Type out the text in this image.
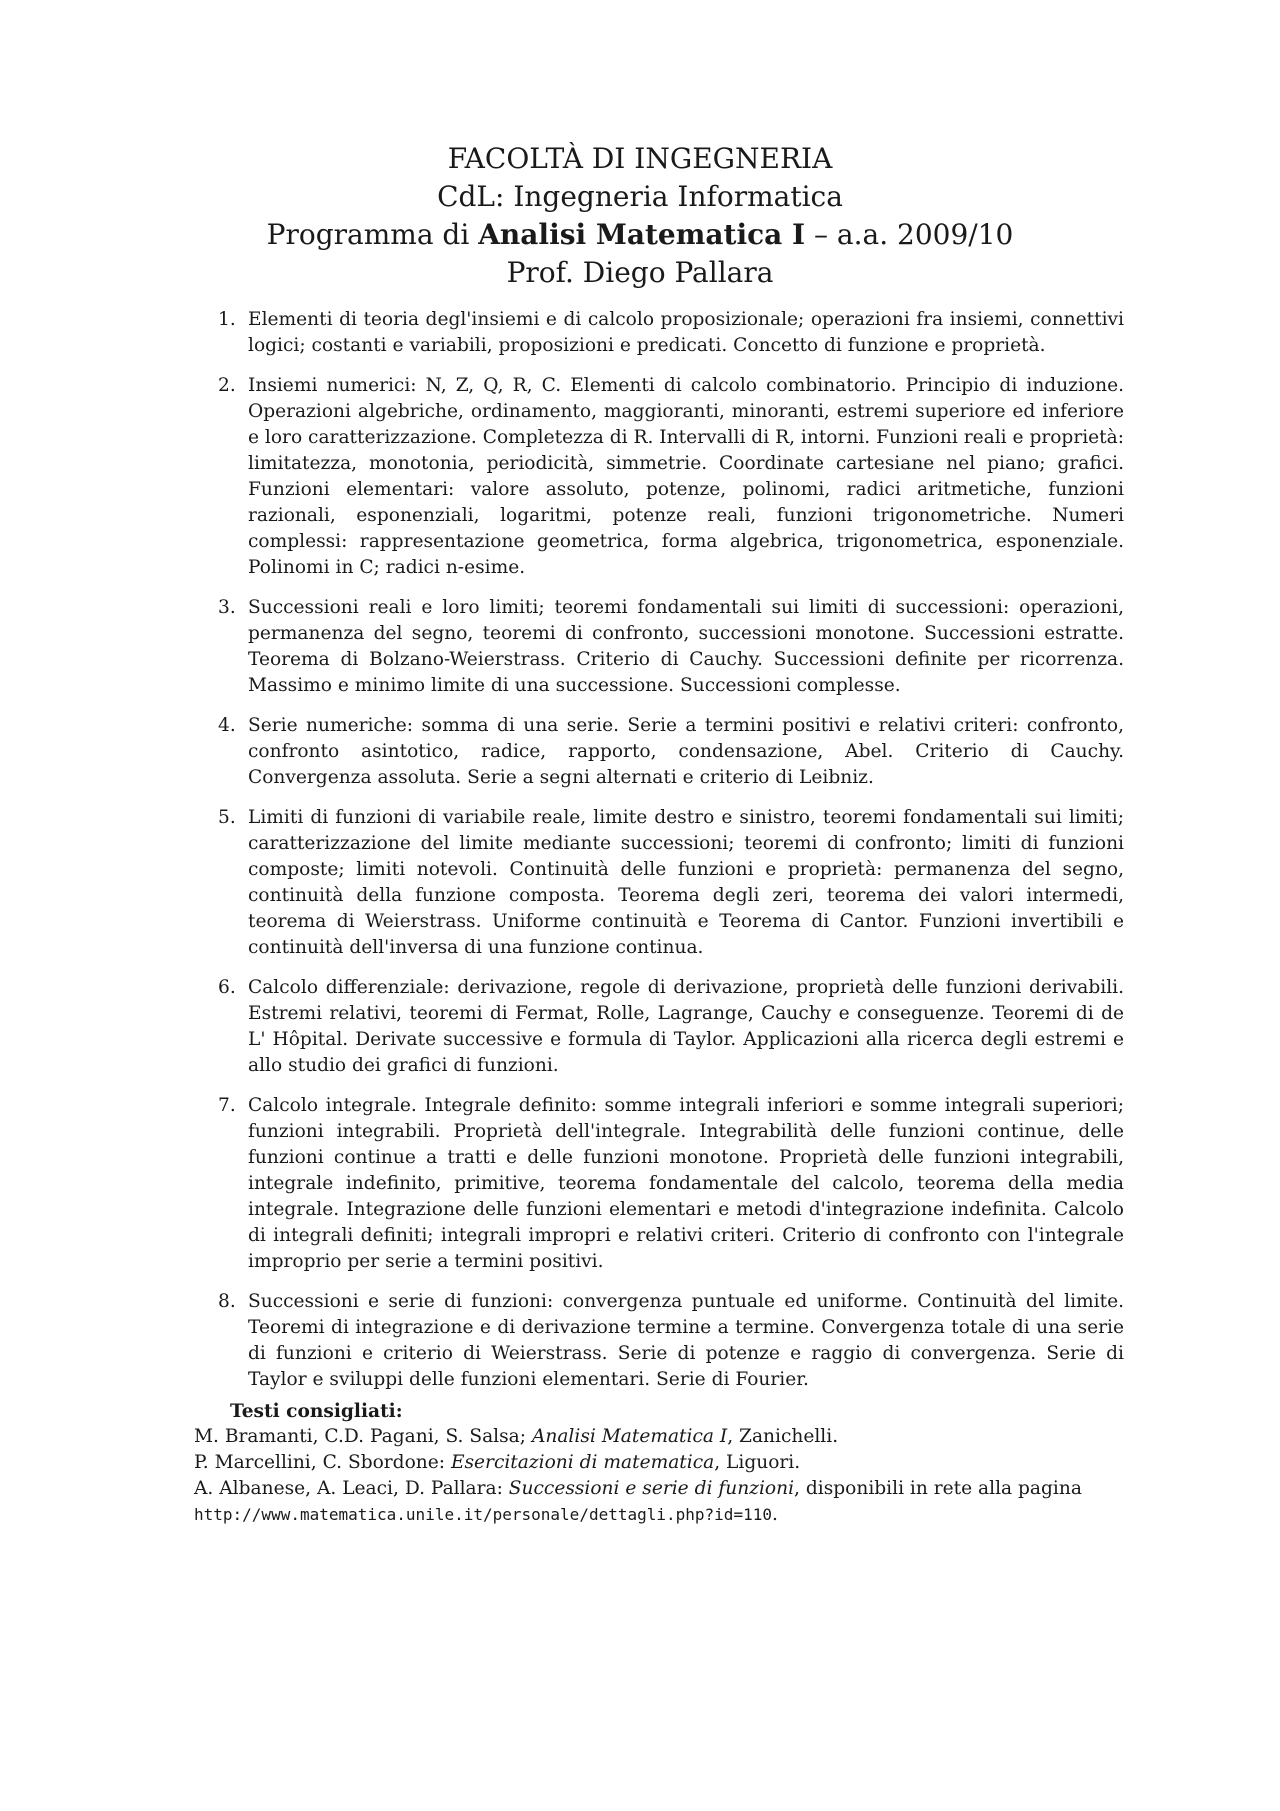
FACOLTÀ DI INGEGNERIA
CdL: Ingegneria Informatica
Programma di Analisi Matematica I – a.a. 2009/10
Prof. Diego Pallara
1. Elementi di teoria degl'insiemi e di calcolo proposizionale; operazioni fra insiemi, connettivi logici; costanti e variabili, proposizioni e predicati. Concetto di funzione e proprietà.
2. Insiemi numerici: N, Z, Q, R, C. Elementi di calcolo combinatorio. Principio di induzione. Operazioni algebriche, ordinamento, maggioranti, minoranti, estremi superiore ed inferiore e loro caratterizzazione. Completezza di R. Intervalli di R, intorni. Funzioni reali e proprietà: limitatezza, monotonia, periodicità, simmetrie. Coordinate cartesiane nel piano; grafici. Funzioni elementari: valore assoluto, potenze, polinomi, radici aritmetiche, funzioni razionali, esponenziali, logaritmi, potenze reali, funzioni trigonometriche. Numeri complessi: rappresentazione geometrica, forma algebrica, trigonometrica, esponenziale. Polinomi in C; radici n-esime.
3. Successioni reali e loro limiti; teoremi fondamentali sui limiti di successioni: operazioni, permanenza del segno, teoremi di confronto, successioni monotone. Successioni estratte. Teorema di Bolzano-Weierstrass. Criterio di Cauchy. Successioni definite per ricorrenza. Massimo e minimo limite di una successione. Successioni complesse.
4. Serie numeriche: somma di una serie. Serie a termini positivi e relativi criteri: confronto, confronto asintotico, radice, rapporto, condensazione, Abel. Criterio di Cauchy. Convergenza assoluta. Serie a segni alternati e criterio di Leibniz.
5. Limiti di funzioni di variabile reale, limite destro e sinistro, teoremi fondamentali sui limiti; caratterizzazione del limite mediante successioni; teoremi di confronto; limiti di funzioni composte; limiti notevoli. Continuità delle funzioni e proprietà: permanenza del segno, continuità della funzione composta. Teorema degli zeri, teorema dei valori intermedi, teorema di Weierstrass. Uniforme continuità e Teorema di Cantor. Funzioni invertibili e continuità dell'inversa di una funzione continua.
6. Calcolo differenziale: derivazione, regole di derivazione, proprietà delle funzioni derivabili. Estremi relativi, teoremi di Fermat, Rolle, Lagrange, Cauchy e conseguenze. Teoremi di de L' Hôpital. Derivate successive e formula di Taylor. Applicazioni alla ricerca degli estremi e allo studio dei grafici di funzioni.
7. Calcolo integrale. Integrale definito: somme integrali inferiori e somme integrali superiori; funzioni integrabili. Proprietà dell'integrale. Integrabilità delle funzioni continue, delle funzioni continue a tratti e delle funzioni monotone. Proprietà delle funzioni integrabili, integrale indefinito, primitive, teorema fondamentale del calcolo, teorema della media integrale. Integrazione delle funzioni elementari e metodi d'integrazione indefinita. Calcolo di integrali definiti; integrali impropri e relativi criteri. Criterio di confronto con l'integrale improprio per serie a termini positivi.
8. Successioni e serie di funzioni: convergenza puntuale ed uniforme. Continuità del limite. Teoremi di integrazione e di derivazione termine a termine. Convergenza totale di una serie di funzioni e criterio di Weierstrass. Serie di potenze e raggio di convergenza. Serie di Taylor e sviluppi delle funzioni elementari. Serie di Fourier.
Testi consigliati:
M. Bramanti, C.D. Pagani, S. Salsa; Analisi Matematica I, Zanichelli.
P. Marcellini, C. Sbordone: Esercitazioni di matematica, Liguori.
A. Albanese, A. Leaci, D. Pallara: Successioni e serie di funzioni, disponibili in rete alla pagina
http://www.matematica.unile.it/personale/dettagli.php?id=110.
